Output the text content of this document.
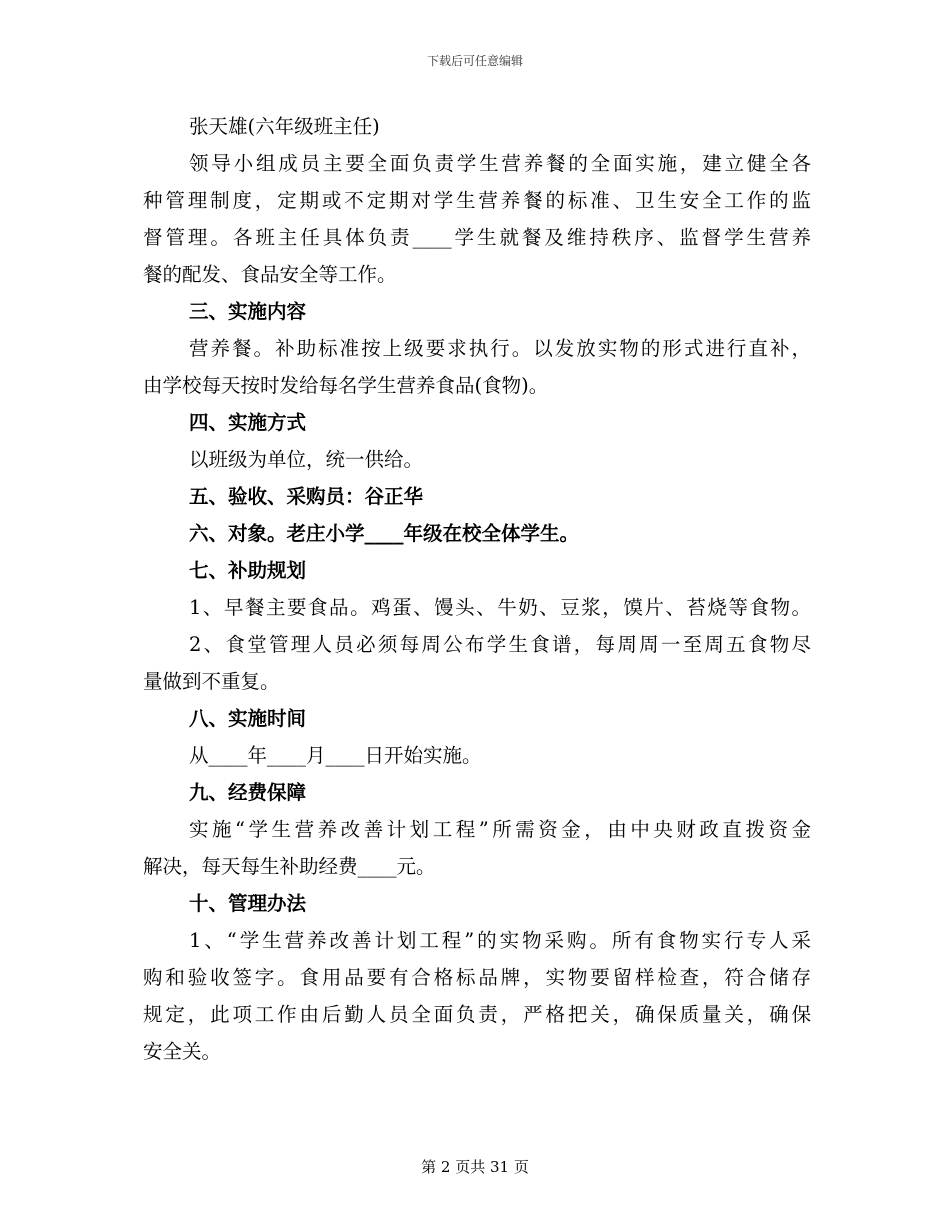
下载后可任意编辑
张天雄(六年级班主任)
领导小组成员主要全面负责学生营养餐的全面实施，建立健全各
种管理制度，定期或不定期对学生营养餐的标准、卫生安全工作的监
督管理。各班主任具体负责____学生就餐及维持秩序、监督学生营养
餐的配发、食品安全等工作。
三、实施内容
营养餐。补助标准按上级要求执行。以发放实物的形式进行直补，
由学校每天按时发给每名学生营养食品(食物)。
四、实施方式
以班级为单位，统一供给。
五、验收、采购员：谷正华
六、对象。老庄小学____年级在校全体学生。
七、补助规划
1、早餐主要食品。鸡蛋、馒头、牛奶、豆浆，馍片、苔烧等食物。
2、食堂管理人员必须每周公布学生食谱，每周周一至周五食物尽
量做到不重复。
八、实施时间
从____年____月____日开始实施。
九、经费保障
实施“学生营养改善计划工程”所需资金，由中央财政直拨资金
解决，每天每生补助经费____元。
十、管理办法
1、“学生营养改善计划工程”的实物采购。所有食物实行专人采
购和验收签字。食用品要有合格标品牌，实物要留样检查，符合储存
规定，此项工作由后勤人员全面负责，严格把关，确保质量关，确保
安全关。
第 2 页共 31 页
